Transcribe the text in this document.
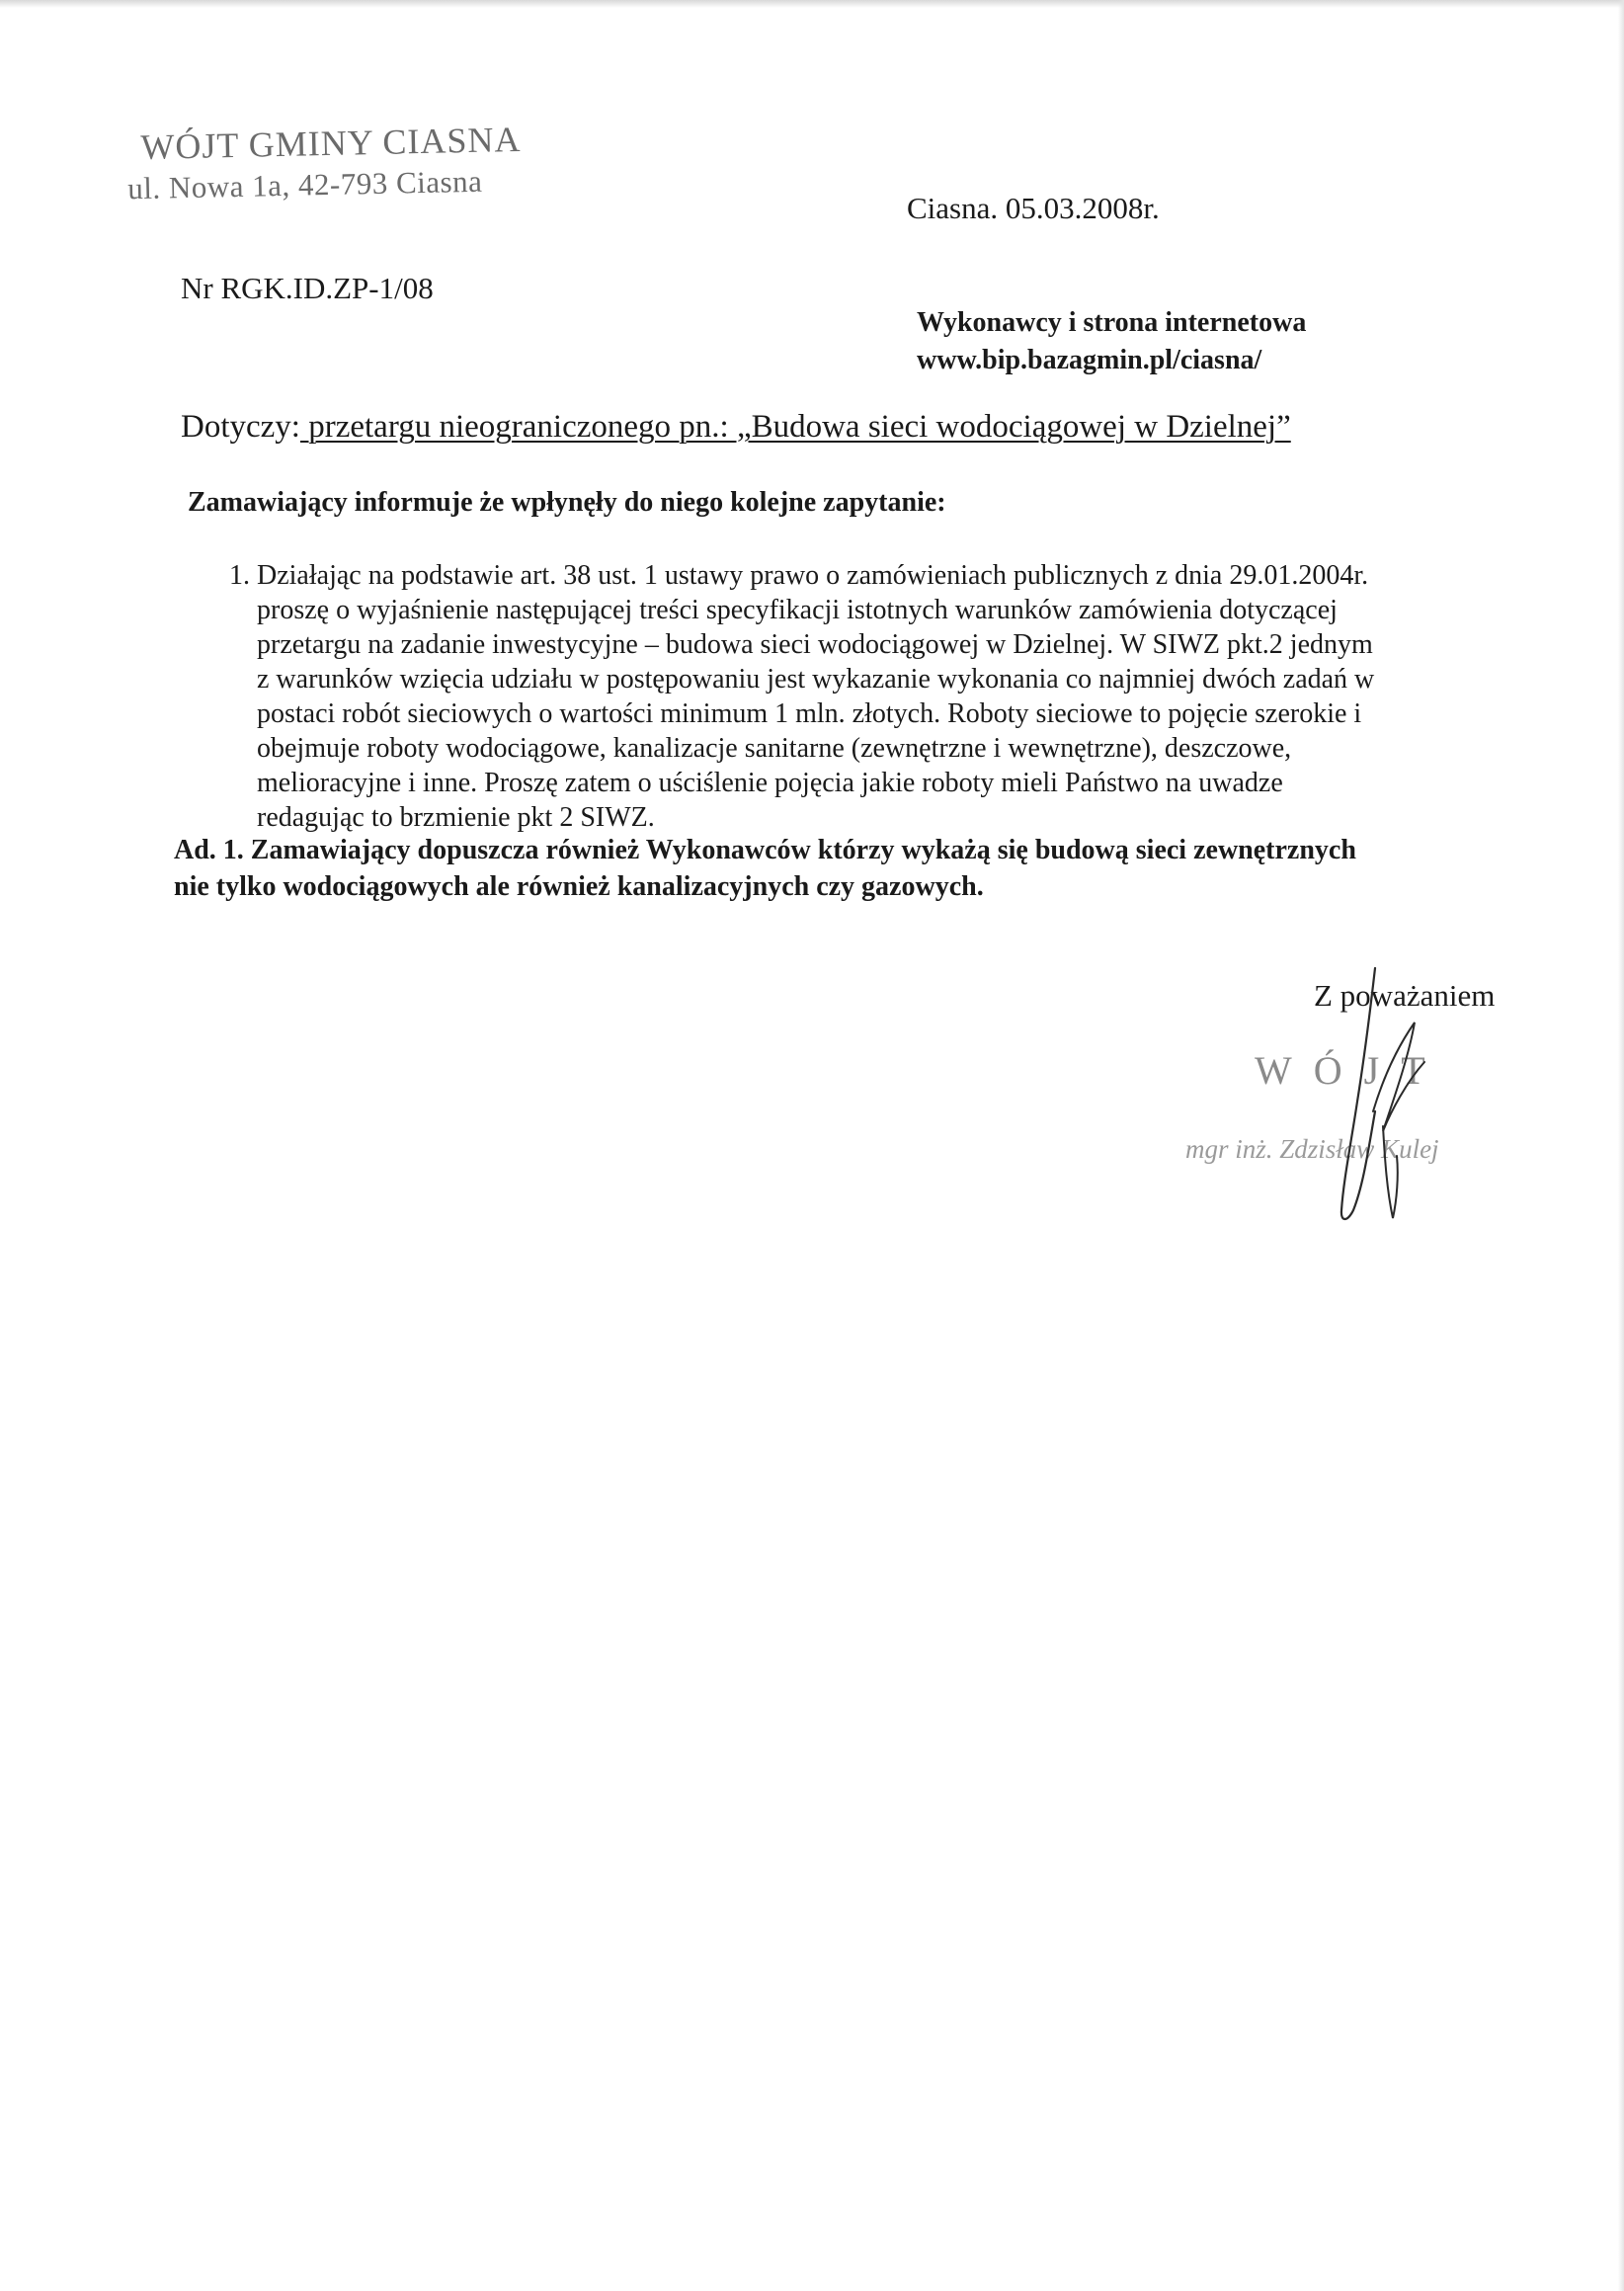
WÓJT GMINY CIASNA
ul. Nowa 1a, 42-793 Ciasna
Ciasna. 05.03.2008r.
Nr RGK.ID.ZP-1/08
Wykonawcy i strona internetowa
www.bip.bazagmin.pl/ciasna/
Dotyczy: przetargu nieograniczonego pn.: „Budowa sieci wodociągowej w Dzielnej”
Zamawiający informuje że wpłynęły do niego kolejne zapytanie:
1. Działając na podstawie art. 38 ust. 1 ustawy prawo o zamówieniach publicznych z dnia 29.01.2004r.
proszę o wyjaśnienie następującej treści specyfikacji istotnych warunków zamówienia dotyczącej
przetargu na zadanie inwestycyjne – budowa sieci wodociągowej w Dzielnej. W SIWZ pkt.2 jednym
z warunków wzięcia udziału w postępowaniu jest wykazanie wykonania co najmniej dwóch zadań w
postaci robót sieciowych o wartości minimum 1 mln. złotych. Roboty sieciowe to pojęcie szerokie i
obejmuje roboty wodociągowe, kanalizacje sanitarne (zewnętrzne i wewnętrzne), deszczowe,
melioracyjne i inne. Proszę zatem o uściślenie pojęcia jakie roboty mieli Państwo na uwadze
redagując to brzmienie pkt 2 SIWZ.
Ad. 1. Zamawiający dopuszcza również Wykonawców którzy wykażą się budową sieci zewnętrznych
nie tylko wodociągowych ale również kanalizacyjnych czy gazowych.
Z poważaniem
WÓJT
mgr inż. Zdzisław Kulej
